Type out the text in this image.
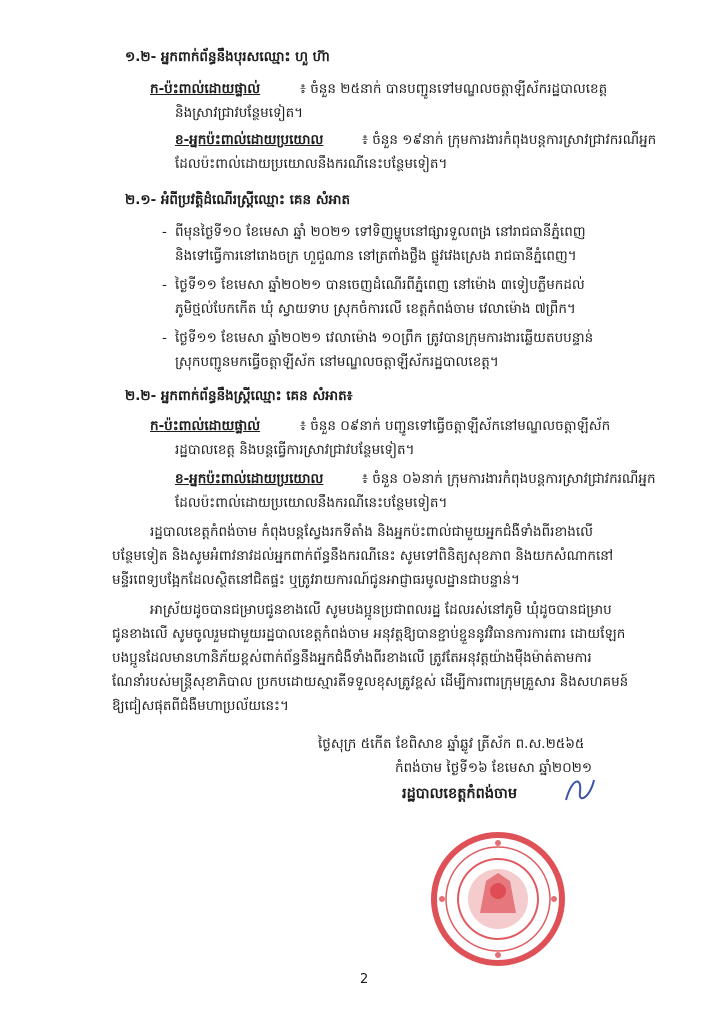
១.២- អ្នកពាក់ព័ន្ធនឹងបុរសឈ្មោះ ហួ ហ៊ា
ក-ប៉ះពាល់ដោយផ្ទាល់	៖ ចំនួន ២៥នាក់ បានបញ្ជូនទៅមណ្ឌលចត្តាឡីស័ករដ្ឋបាលខេត្ត
និងស្រាវជ្រាវបន្ថែមទៀត។
ខ-អ្នកប៉ះពាល់ដោយប្រយោល	៖ ចំនួន ១៩នាក់ ក្រុមការងារកំពុងបន្តការស្រាវជ្រាវករណីអ្នក
ដែលប៉ះពាល់ដោយប្រយោលនឹងករណីនេះបន្ថែមទៀត។
២.១- អំពីប្រវត្តិដំណើរស្ត្រីឈ្មោះ គេន សំអាត
- ពីមុនថ្ងៃទី១០ ខែមេសា ឆ្នាំ ២០២១ ទៅទិញម្ហូបនៅផ្សារទួលពង្រ នៅរាជធានីភ្នំពេញ
និងទៅធ្វើការនៅរោងចក្រ ហួជួណាន នៅត្រពាំងថ្លឹង ផ្លូវវេងស្រេង រាជធានីភ្នំពេញ។
- ថ្ងៃទី១១ ខែមេសា ឆ្នាំ២០២១ បានចេញដំណើរពីភ្នំពេញ នៅម៉ោង ៣ទៀបភ្លឺមកដល់
ភូមិថ្មល់បែកកើត ឃុំ ស្វាយទាប ស្រុកចំការលើ ខេត្តកំពង់ចាម វេលាម៉ោង ៧ព្រឹក។
- ថ្ងៃទី១១ ខែមេសា ឆ្នាំ២០២១ វេលាម៉ោង ១០ព្រឹក ត្រូវបានក្រុមការងារឆ្លើយតបបន្ទាន់
ស្រុកបញ្ជូនមកធ្វើចត្តាឡីស័ក នៅមណ្ឌលចត្តាឡីស័ករដ្ឋបាលខេត្ត។
២.២- អ្នកពាក់ព័ន្ធនឹងស្ត្រីឈ្មោះ គេន សំអាត៖
ក-ប៉ះពាល់ដោយផ្ទាល់	៖ ចំនួន ០៩នាក់ បញ្ជូនទៅធ្វើចត្តាឡីស័កនៅមណ្ឌលចត្តាឡីស័ក
រដ្ឋបាលខេត្ត និងបន្តធ្វើការស្រាវជ្រាវបន្ថែមទៀត។
ខ-អ្នកប៉ះពាល់ដោយប្រយោល	៖ ចំនួន ០៦នាក់ ក្រុមការងារកំពុងបន្តការស្រាវជ្រាវករណីអ្នក
ដែលប៉ះពាល់ដោយប្រយោលនឹងករណីនេះបន្ថែមទៀត។
រដ្ឋបាលខេត្តកំពង់ចាម កំពុងបន្តស្វែងរកទីតាំង និងអ្នកប៉ះពាល់ជាមួយអ្នកជំងឺទាំងពីរខាងលើ
បន្ថែមទៀត និងសូមអំពាវនាវដល់អ្នកពាក់ព័ន្ធនឹងករណីនេះ សូមទៅពិនិត្យសុខភាព និងយកសំណាកនៅ
មន្ទីរពេទ្យបង្អែកដែលស្ថិតនៅជិតផ្ទះ ឬត្រូវរាយការណ៍ជូនអាជ្ញាធរមូលដ្ឋានជាបន្ទាន់។
អាស្រ័យដូចបានជម្រាបជូនខាងលើ សូមបងប្អូនប្រជាពលរដ្ឋ ដែលរស់នៅភូមិ ឃុំដូចបានជម្រាប
ជូនខាងលើ សូមចូលរួមជាមួយរដ្ឋបាលខេត្តកំពង់ចាម អនុវត្តឱ្យបានខ្ជាប់ខ្ជួននូវវិធានការការពារ ដោយឡែក
បងប្អូនដែលមានហានិភ័យខ្ពស់ពាក់ព័ន្ធនឹងអ្នកជំងឺទាំងពីរខាងលើ ត្រូវតែអនុវត្តយ៉ាងម៉ឺងម៉ាត់តាមការ
ណែនាំរបស់មន្ត្រីសុខាភិបាល ប្រកបដោយស្មារតីទទួលខុសត្រូវខ្ពស់ ដើម្បីការពារក្រុមគ្រួសារ និងសហគមន៍
ឱ្យជៀសផុតពីជំងឺមហាប្រល័យនេះ។
ថ្ងៃសុក្រ ៥កើត ខែពិសាខ ឆ្នាំឆ្លូវ ត្រីស័ក ព.ស.២៥៦៥
កំពង់ចាម ថ្ងៃទី១៦ ខែមេសា ឆ្នាំ២០២១
រដ្ឋបាលខេត្តកំពង់ចាម
2
